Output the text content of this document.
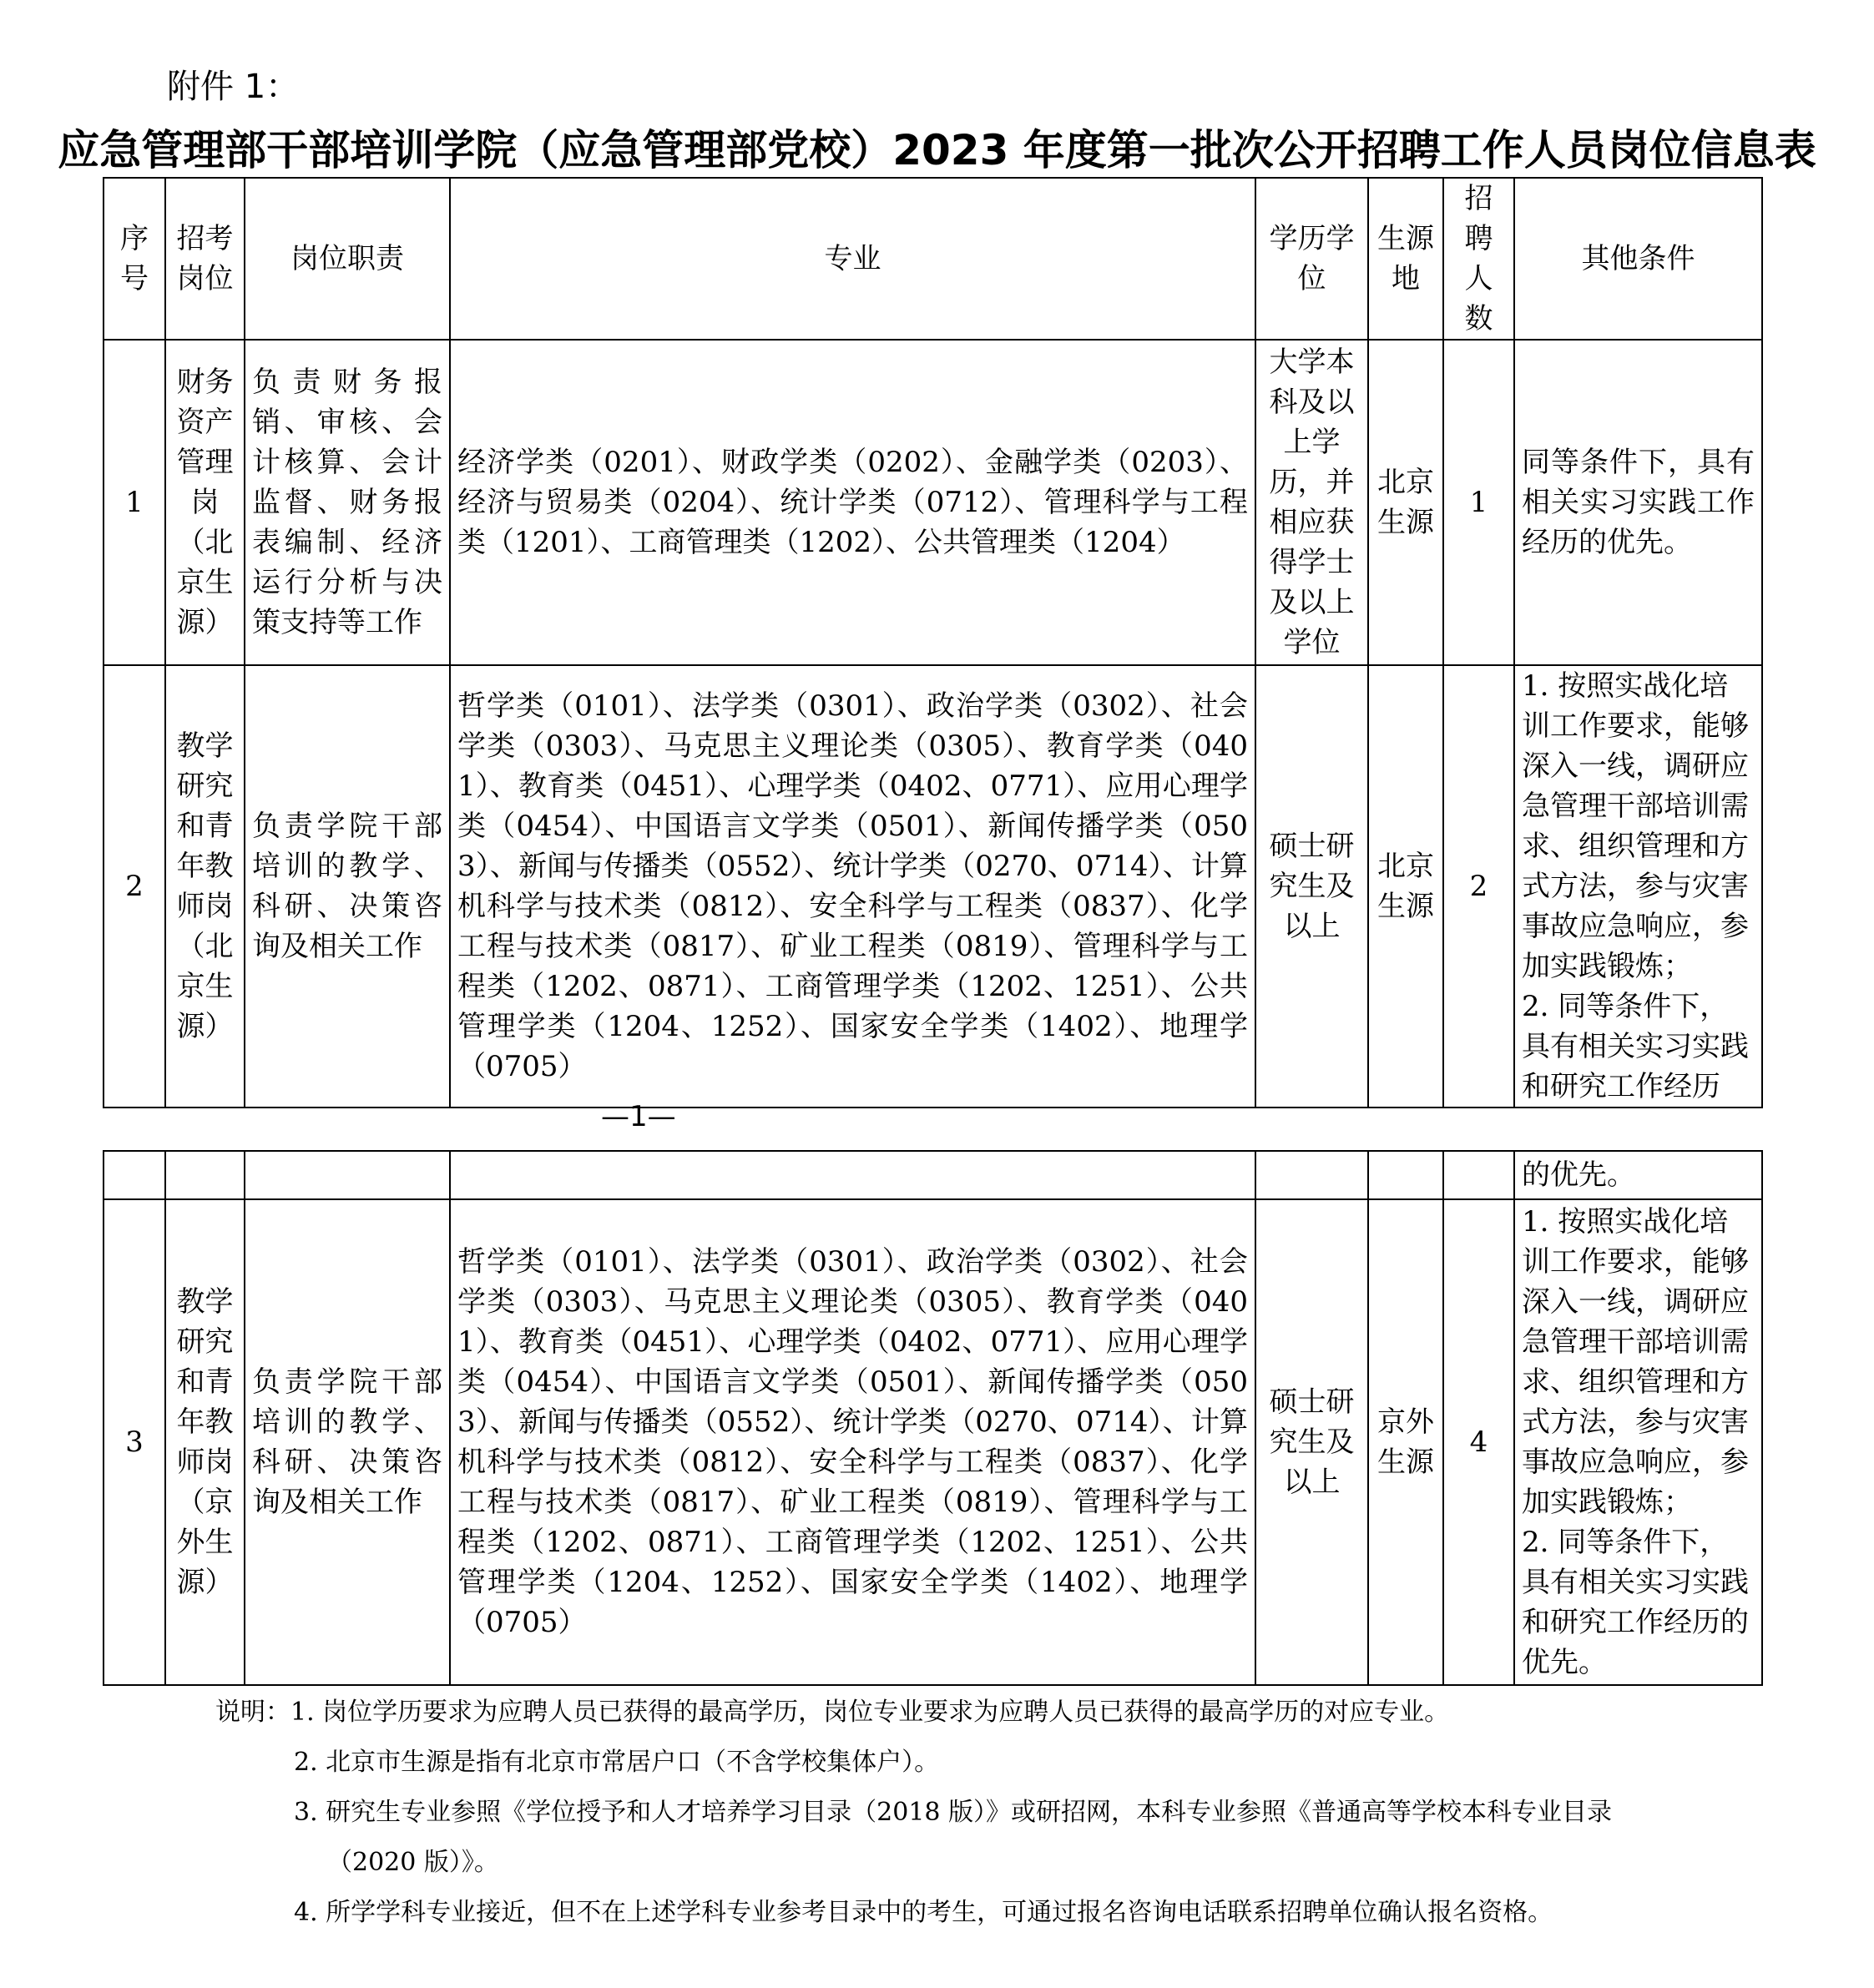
附件 1：
应急管理部干部培训学院（应急管理部党校）2023 年度第一批次公开招聘工作人员岗位信息表
序号	招考岗位	岗位职责	专业	学历学位	生源地	招聘人数	其他条件
1	财务资产管理岗（北京生源）	负责财务报销、审核、会计核算、会计监督、财务报表编制、经济运行分析与决策支持等工作	经济学类（0201）、财政学类（0202）、金融学类（0203）、经济与贸易类（0204）、统计学类（0712）、管理科学与工程类（1201）、工商管理类（1202）、公共管理类（1204）	大学本科及以上学历，并相应获得学士及以上学位	北京生源	1	同等条件下，具有相关实习实践工作经历的优先。
2	教学研究和青年教师岗（北京生源）	负责学院干部培训的教学、科研、决策咨询及相关工作	哲学类（0101）、法学类（0301）、政治学类（0302）、社会学类（0303）、马克思主义理论类（0305）、教育学类（0401）、教育类（0451）、心理学类（0402、0771）、应用心理学类（0454）、中国语言文学类（0501）、新闻传播学类（0503）、新闻与传播类（0552）、统计学类（0270、0714）、计算机科学与技术类（0812）、安全科学与工程类（0837）、化学工程与技术类（0817）、矿业工程类（0819）、管理科学与工程类（1202、0871）、工商管理学类（1202、1251）、公共管理学类（1204、1252）、国家安全学类（1402）、地理学（0705）	硕士研究生及以上	北京生源	2	1. 按照实战化培训工作要求，能够深入一线，调研应急管理干部培训需求、组织管理和方式方法，参与灾害事故应急响应，参加实践锻炼；
2. 同等条件下，具有相关实习实践和研究工作经历
—1—
							的优先。
3	教学研究和青年教师岗（京外生源）	负责学院干部培训的教学、科研、决策咨询及相关工作	哲学类（0101）、法学类（0301）、政治学类（0302）、社会学类（0303）、马克思主义理论类（0305）、教育学类（0401）、教育类（0451）、心理学类（0402、0771）、应用心理学类（0454）、中国语言文学类（0501）、新闻传播学类（0503）、新闻与传播类（0552）、统计学类（0270、0714）、计算机科学与技术类（0812）、安全科学与工程类（0837）、化学工程与技术类（0817）、矿业工程类（0819）、管理科学与工程类（1202、0871）、工商管理学类（1202、1251）、公共管理学类（1204、1252）、国家安全学类（1402）、地理学（0705）	硕士研究生及以上	京外生源	4	1. 按照实战化培训工作要求，能够深入一线，调研应急管理干部培训需求、组织管理和方式方法，参与灾害事故应急响应，参加实践锻炼；
2. 同等条件下，具有相关实习实践和研究工作经历的优先。
说明：1. 岗位学历要求为应聘人员已获得的最高学历，岗位专业要求为应聘人员已获得的最高学历的对应专业。
2. 北京市生源是指有北京市常居户口（不含学校集体户）。
3. 研究生专业参照《学位授予和人才培养学习目录（2018 版）》或研招网，本科专业参照《普通高等学校本科专业目录
（2020 版）》。
4. 所学学科专业接近，但不在上述学科专业参考目录中的考生，可通过报名咨询电话联系招聘单位确认报名资格。
